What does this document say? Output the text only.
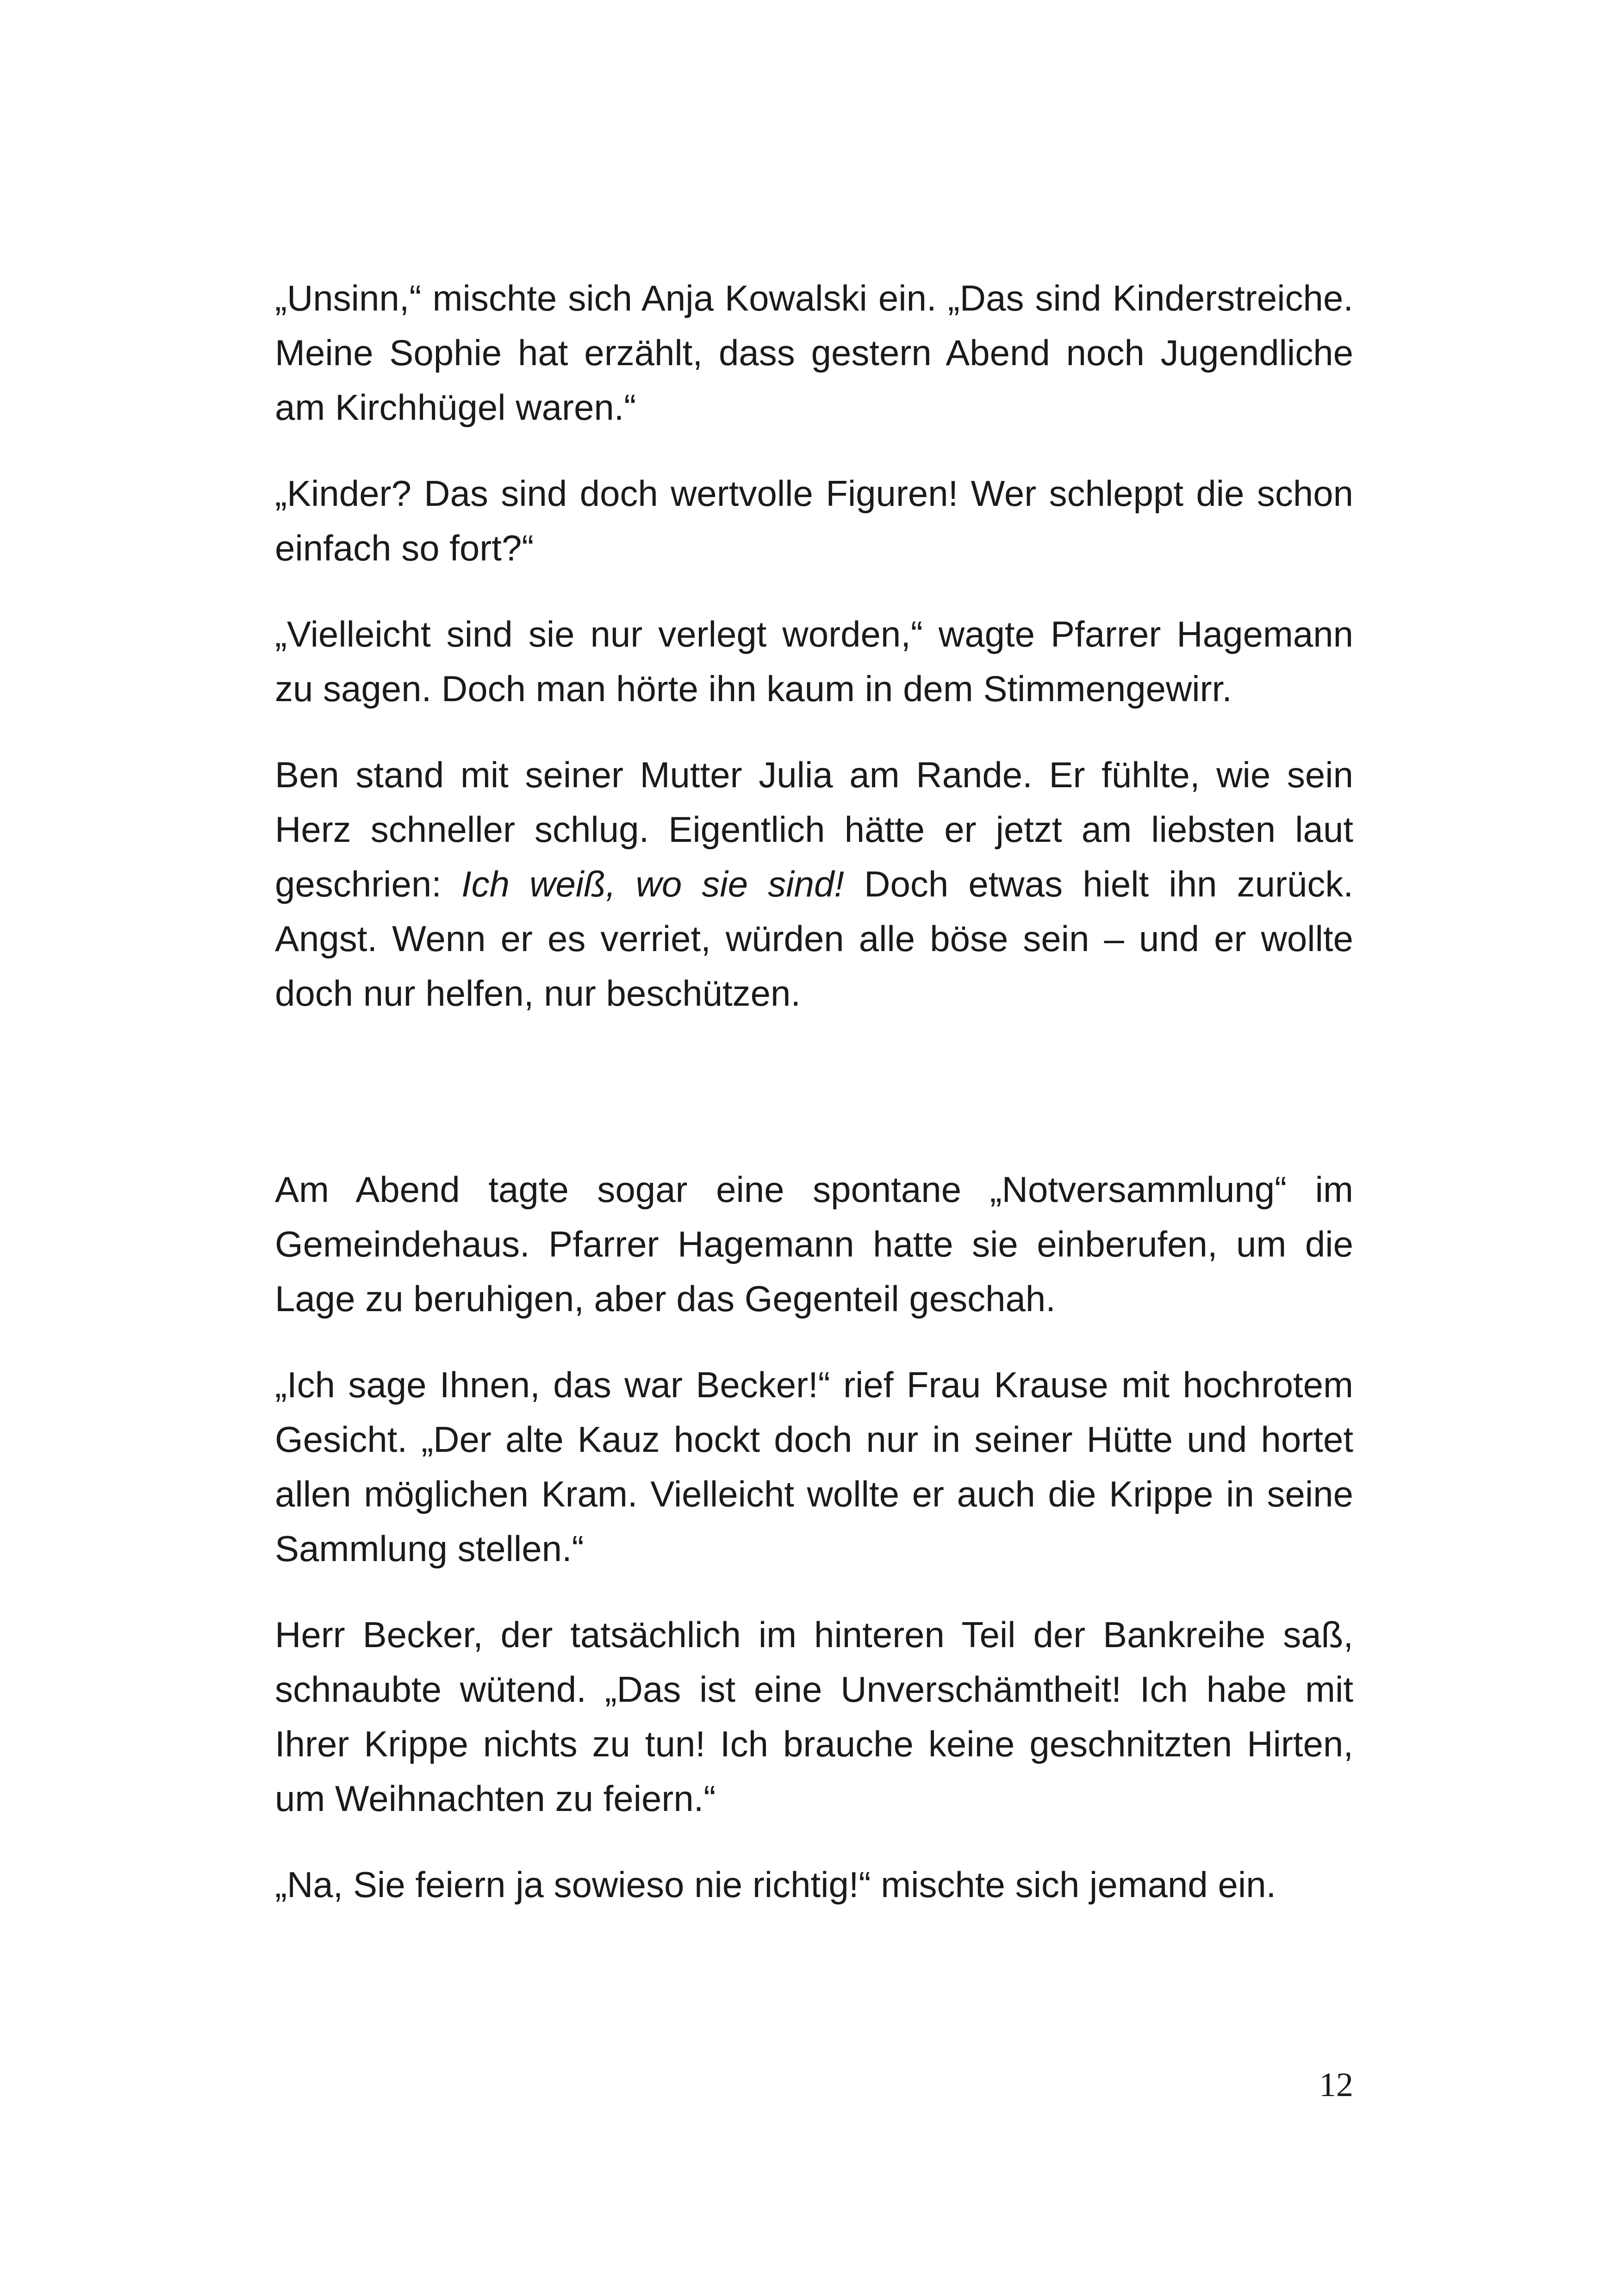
„Unsinn,“ mischte sich Anja Kowalski ein. „Das sind Kinderstreiche. Meine Sophie hat erzählt, dass gestern Abend noch Jugendliche am Kirchhügel waren.“

„Kinder? Das sind doch wertvolle Figuren! Wer schleppt die schon einfach so fort?“

„Vielleicht sind sie nur verlegt worden,“ wagte Pfarrer Hagemann zu sagen. Doch man hörte ihn kaum in dem Stimmengewirr.

Ben stand mit seiner Mutter Julia am Rande. Er fühlte, wie sein Herz schneller schlug. Eigentlich hätte er jetzt am liebsten laut geschrien: Ich weiß, wo sie sind! Doch etwas hielt ihn zurück. Angst. Wenn er es verriet, würden alle böse sein – und er wollte doch nur helfen, nur beschützen.

Am Abend tagte sogar eine spontane „Notversammlung“ im Gemeindehaus. Pfarrer Hagemann hatte sie einberufen, um die Lage zu beruhigen, aber das Gegenteil geschah.

„Ich sage Ihnen, das war Becker!“ rief Frau Krause mit hochrotem Gesicht. „Der alte Kauz hockt doch nur in seiner Hütte und hortet allen möglichen Kram. Vielleicht wollte er auch die Krippe in seine Sammlung stellen.“

Herr Becker, der tatsächlich im hinteren Teil der Bankreihe saß, schnaubte wütend. „Das ist eine Unverschämtheit! Ich habe mit Ihrer Krippe nichts zu tun! Ich brauche keine geschnitzten Hirten, um Weihnachten zu feiern.“

„Na, Sie feiern ja sowieso nie richtig!“ mischte sich jemand ein.

12
